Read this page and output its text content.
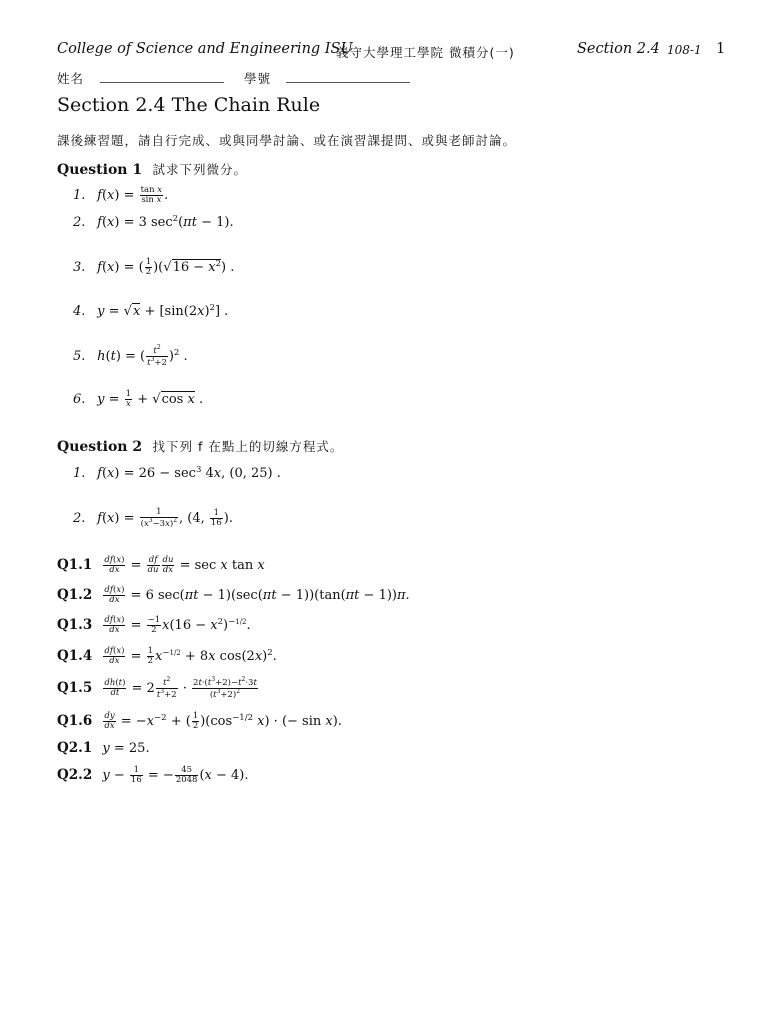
College of Science and Engineering ISU
義守大學理工學院 微積分(一)	Section 2.4 108-1 1
姓名	學號
Section 2.4 The Chain Rule
課後練習題，請自行完成、或與同學討論、或在演習課提問、或與老師討論。
Question 1 試求下列微分。
1. $f(x) = \frac{\text{tan x}}{\text{sin x}}$ .
2. f(x) = 3 $\sec^2(\pi t - 1)$.
3. f(x) = ( $\frac{1}{2} )(√16 - x^2)$ .
4. $y = √x + [\sin(2x)^2]$ .
5. h(t) = ( $\frac{t^2}{t^3+2} )^2$ .
6. $y = \frac{1}{x} + √\cos$ x .
Question 2 找下列 f 在點上的切線方程式。
1. $f(x) = 26 - \sec^3 4x$, (0, 25) .
2. $f(x) = \frac{1}{(x^3-3x)^2}$ , (4, $\frac{1}{16}$ ).
$Q1.1 \frac{df(x)}{dx} = \frac{df}{du} \frac{du}{dx} = \sec x$ tan x
$Q1.2 \frac{df(x)}{dx} = 6$ sec(πt − 1)(sec(πt − 1))(tan(πt − 1))π.
$Q1.3 \frac{df(x)}{dx} = \frac{-1}{2} x(16 - x^2)^{-1/2}$.
$Q1.4 \frac{df(x)}{dx} = \frac{1}{2} x^{-1/2} + 8x$ $\cos(2x)^2$.
$Q1.5 \frac{dh(t)}{dt} = 2 \frac{t^2}{t^3+2} \cdot \frac{2t\cdot(t^3+2)-t^2\cdot 3t}{(t^3+2)^2}$
$Q1.6 \frac{dy}{dx} = -x^{-2}$ + ( $\frac{1}{2} )(\cos^{-1/2}$ x) · (− sin x).
Q2.1 y = 25.
Q2.2 $y - \frac{1}{16}$ = − $\frac{45}{2048} (x - 4)$.
